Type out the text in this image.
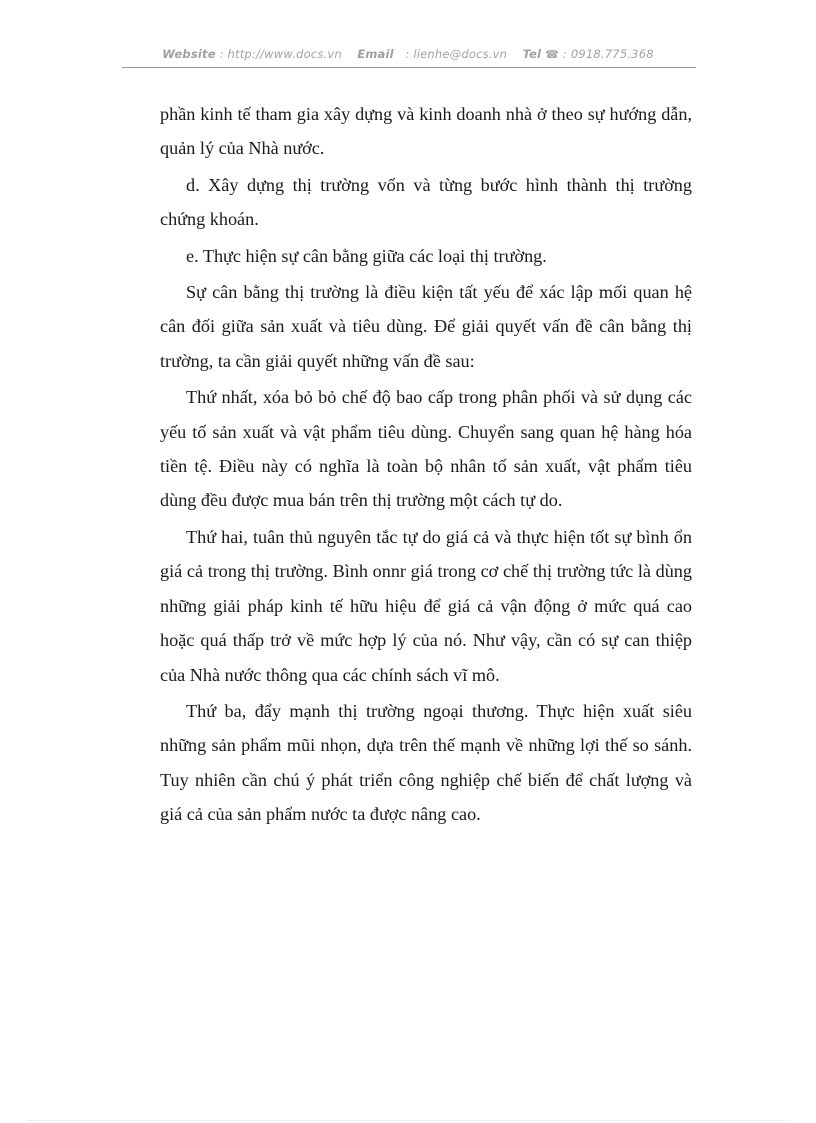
Website : http://www.docs.vn Email   : lienhe@docs.vn Tel ☎ : 0918.775.368

phần kinh tế tham gia xây dựng và kinh doanh nhà ở theo sự hướng dẫn, quản lý của Nhà nước.

d. Xây dựng thị trường vốn và từng bước hình thành thị trường chứng khoán.

e. Thực hiện sự cân bằng giữa các loại thị trường.

Sự cân bằng thị trường là điều kiện tất yếu để xác lập mối quan hệ cân đối giữa sản xuất và tiêu dùng. Để giải quyết vấn đề cân bằng thị trường, ta cần giải quyết những vấn đề sau:

Thứ nhất, xóa bỏ bỏ chế độ bao cấp trong phân phối và sử dụng các yếu tố sản xuất và vật phẩm tiêu dùng. Chuyển sang quan hệ hàng hóa tiền tệ. Điều này có nghĩa là toàn bộ nhân tố sản xuất, vật phẩm tiêu dùng đều được mua bán trên thị trường một cách tự do.

Thứ hai, tuân thủ nguyên tắc tự do giá cả và thực hiện tốt sự bình ổn giá cả trong thị trường. Bình onnr giá trong cơ chế thị trường tức là dùng những giải pháp kinh tế hữu hiệu để giá cả vận động ở mức quá cao hoặc quá thấp trở về mức hợp lý của nó. Như vậy, cần có sự can thiệp của Nhà nước thông qua các chính sách vĩ mô.

Thứ ba, đẩy mạnh thị trường ngoại thương. Thực hiện xuất siêu những sản phẩm mũi nhọn, dựa trên thế mạnh về những lợi thế so sánh. Tuy nhiên cần chú ý phát triển công nghiệp chế biến để chất lượng và giá cả của sản phẩm nước ta được nâng cao.
